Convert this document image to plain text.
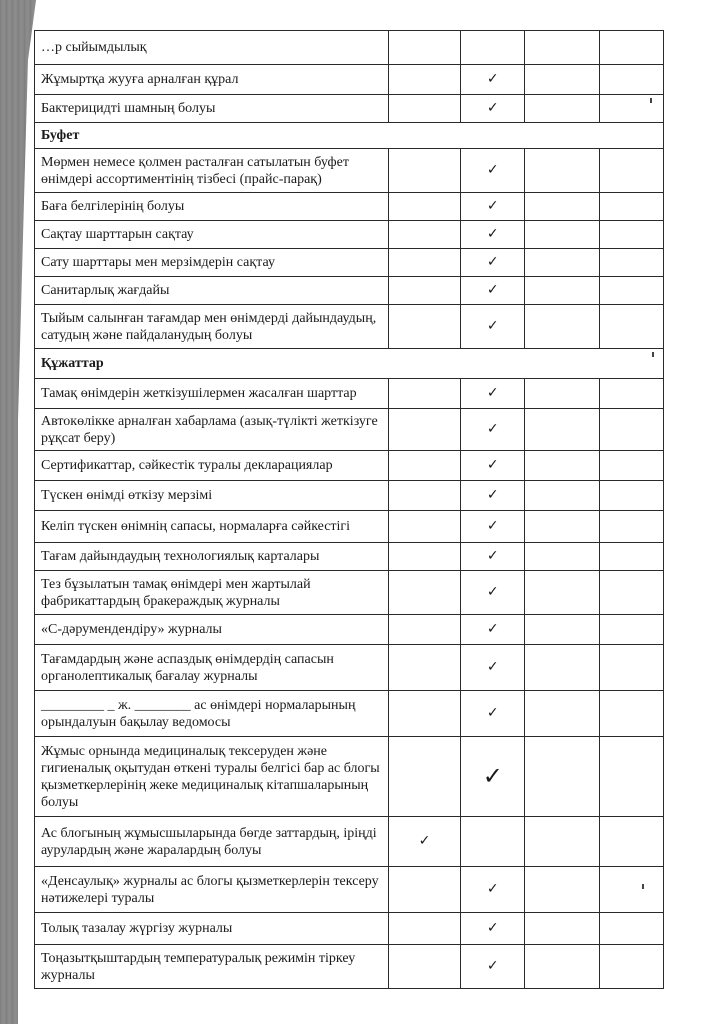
…р сыйымдылық				
Жұмыртқа жууға арналған құрал		✓		
Бактерицидті шамның болуы		✓		
Буфет				
Мөрмен немесе қолмен расталған сатылатын буфет өнімдері ассортиментінің тізбесі (прайс-парақ)		✓		
Баға белгілерінің болуы		✓		
Сақтау шарттарын сақтау		✓		
Сату шарттары мен мерзімдерін сақтау		✓		
Санитарлық жағдайы		✓		
Тыйым салынған тағамдар мен өнімдерді дайындаудың, сатудың және пайдаланудың болуы		✓		
Құжаттар				
Тамақ өнімдерін жеткізушілермен жасалған шарттар		✓		
Автокөлікке арналған хабарлама (азық-түлікті жеткізуге рұқсат беру)		✓		
Сертификаттар, сәйкестік туралы декларациялар		✓		
Түскен өнімді өткізу мерзімі		✓		
Келіп түскен өнімнің сапасы, нормаларға сәйкестігі		✓		
Тағам дайындаудың технологиялық карталары		✓		
Тез бұзылатын тамақ өнімдері мен жартылай фабрикаттардың бракераждық журналы		✓		
«С-дәрумендендіру» журналы		✓		
Тағамдардың және аспаздық өнімдердің сапасын органолептикалық бағалау журналы		✓		
_________ _ ж. ________ ас өнімдері нормаларының орындалуын бақылау ведомосы		✓		
Жұмыс орнында медициналық тексеруден және гигиеналық оқытудан өткені туралы белгісі бар ас блогы қызметкерлерінің жеке медициналық кітапшаларының болуы		✓		
Ас блогының жұмысшыларында бөгде заттардың, іріңді аурулардың және жаралардың болуы	✓			
«Денсаулық» журналы ас блогы қызметкерлерін тексеру нәтижелері туралы		✓		
Толық тазалау жүргізу журналы		✓		
Тоңазытқыштардың температуралық режимін тіркеу журналы		✓		
